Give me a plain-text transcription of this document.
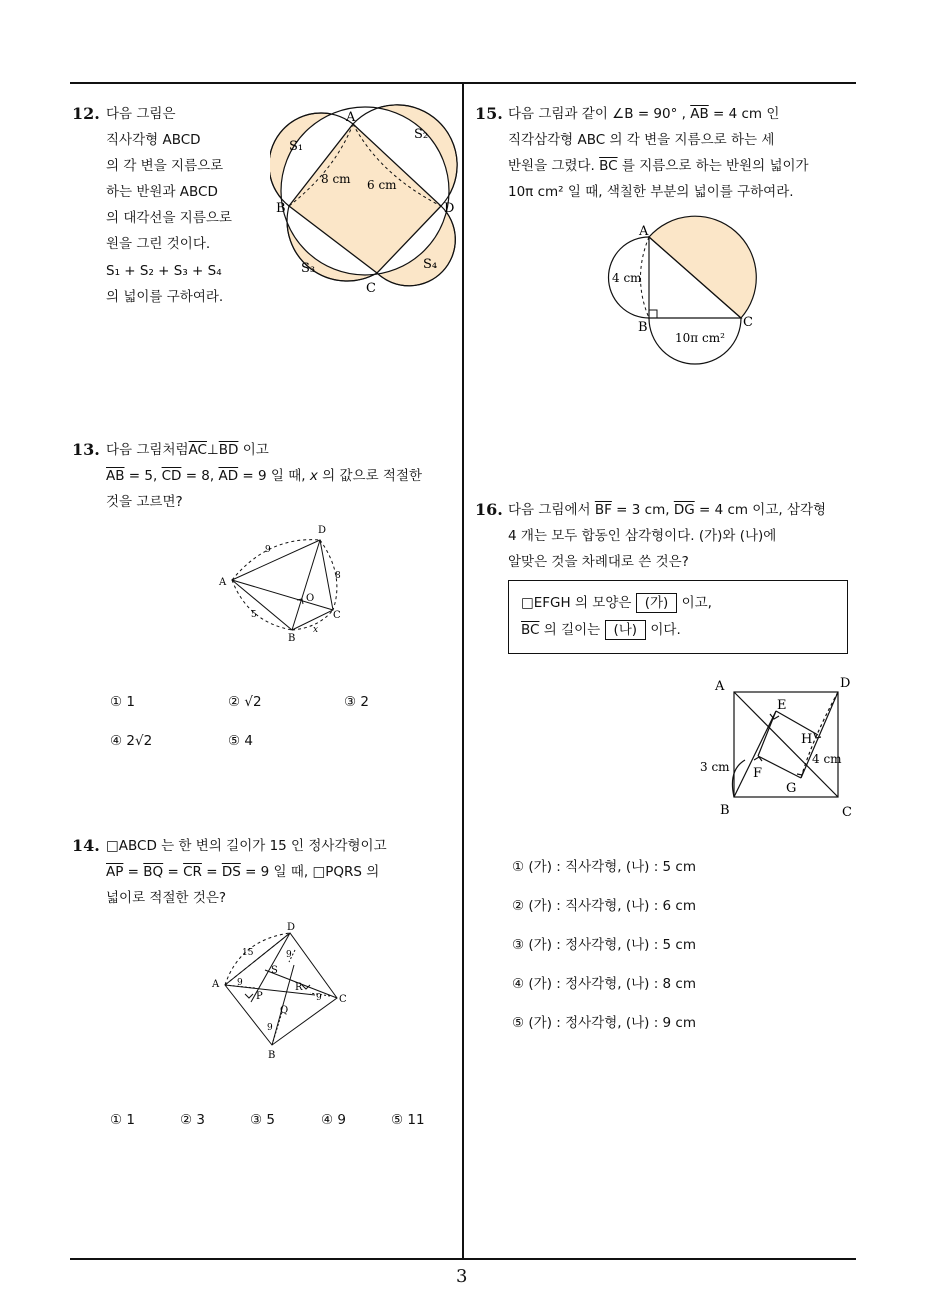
12. 다음 그림은
직사각형 ABCD
의 각 변을 지름으로
하는 반원과 ABCD
의 대각선을 지름으로
원을 그린 것이다.
S₁ + S₂ + S₃ + S₄
의 넓이를 구하여라.
A
B
C
D
S₁
S₂
S₃	S₄
8 cm 6 cm
13. 다음 그림처럼$\overline{AC}\perp\overline{BD}$ 이고
$\overline{AB} = 5$, $\overline{CD} = 8$, $\overline{AD} = 9$ 일 때, x 의 값으로 적절한
것을 고르면?
A
B
C
D
O
9
8
5
x
① 1	② √2	③ 2
④ 2√2	⑤ 4
14. □ABCD 는 한 변의 길이가 15 인 정사각형이고
$\overline{AP} = \overline{BQ} = \overline{CR} = \overline{DS} = 9$ 일 때, □PQRS 의
넓이로 적절한 것은?
A
B
C
D
P
Q
R
S
15
9
9
9
9
① 1	② 3	③ 5	④ 9	⑤ 11
15. 다음 그림과 같이 ∠B = 90° , $\overline{AB} = 4$ cm 인
직각삼각형 ABC 의 각 변을 지름으로 하는 세
반원을 그렸다. $\overline{BC}$ 를 지름으로 하는 반원의 넓이가
10π cm² 일 때, 색칠한 부분의 넓이를 구하여라.
A
B	C
4 cm
10π cm²
16. 다음 그림에서 $\overline{BF} = 3$ cm, $\overline{DG} = 4$ cm 이고, 삼각형
4 개는 모두 합동인 삼각형이다. (가)와 (나)에
알맞은 것을 차례대로 쓴 것은?
□EFGH 의 모양은 (가) 이고,
$\overline{BC}$ 의 길이는 (나) 이다.
A
B	C
D
E
F
G
H
3 cm
4 cm
① (가) : 직사각형, (나) : 5 cm
② (가) : 직사각형, (나) : 6 cm
③ (가) : 정사각형, (나) : 5 cm
④ (가) : 정사각형, (나) : 8 cm
⑤ (가) : 정사각형, (나) : 9 cm
3
